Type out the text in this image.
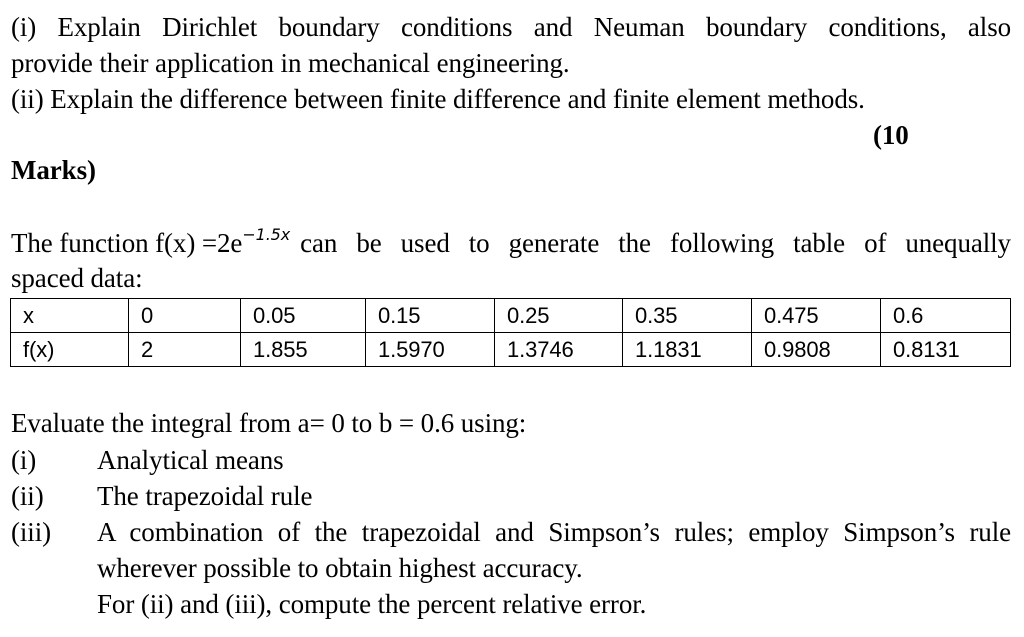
(i) Explain Dirichlet boundary conditions and Neuman boundary conditions, also
provide their application in mechanical engineering.
(ii) Explain the difference between finite difference and finite element methods.
(10
Marks)
The function $f(x) = 2e^{-1.5x}$ can be used to generate the following table of unequally
spaced data:
x	0	0.05	0.15	0.25	0.35	0.475	0.6
f(x)	2	1.855	1.5970	1.3746	1.1831	0.9808	0.8131
Evaluate the integral from a= 0 to b = 0.6 using:
(i) Analytical means
(ii) The trapezoidal rule
(iii) A combination of the trapezoidal and Simpson’s rules; employ Simpson’s rule
wherever possible to obtain highest accuracy.
For (ii) and (iii), compute the percent relative error.
